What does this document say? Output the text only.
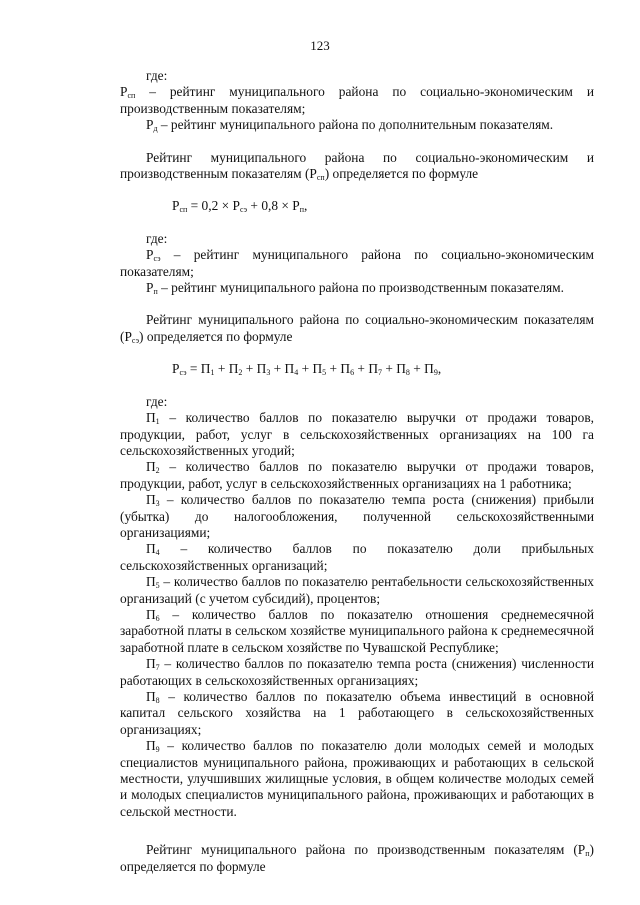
123

где:

$Р_{сп}$ – рейтинг муниципального района по социально-экономическим и производственным показателям;

$Р_д$ – рейтинг муниципального района по дополнительным показателям.

Рейтинг муниципального района по социально-экономическим и производственным показателям $(Р_{сп})$ определяется по формуле

$Р_{сп} = 0,2 \times Р_{сэ} + 0,8 \times Р_п$,

где:

$Р_{сэ}$ – рейтинг муниципального района по социально-экономическим показателям;

$Р_п$ – рейтинг муниципального района по производственным показателям.

Рейтинг муниципального района по социально-экономическим показателям $(Р_{сэ})$ определяется по формуле

$Р_{сэ} = П_1 + П_2 + П_3 + П_4 + П_5 + П_6 + П_7 + П_8 + П_9$,

где:

$П_1$ – количество баллов по показателю выручки от продажи товаров, продукции, работ, услуг в сельскохозяйственных организациях на 100 га сельскохозяйственных угодий;

$П_2$ – количество баллов по показателю выручки от продажи товаров, продукции, работ, услуг в сельскохозяйственных организациях на 1 работника;

$П_3$ – количество баллов по показателю темпа роста (снижения) прибыли (убытка) до налогообложения, полученной сельскохозяйственными организациями;

$П_4$ – количество баллов по показателю доли прибыльных сельскохозяйственных организаций;

$П_5$ – количество баллов по показателю рентабельности сельскохозяйственных организаций (с учетом субсидий), процентов;

$П_6$ – количество баллов по показателю отношения среднемесячной заработной платы в сельском хозяйстве муниципального района к среднемесячной заработной плате в сельском хозяйстве по Чувашской Республике;

$П_7$ – количество баллов по показателю темпа роста (снижения) численности работающих в сельскохозяйственных организациях;

$П_8$ – количество баллов по показателю объема инвестиций в основной капитал сельского хозяйства на 1 работающего в сельскохозяйственных организациях;

$П_9$ – количество баллов по показателю доли молодых семей и молодых специалистов муниципального района, проживающих и работающих в сельской местности, улучшивших жилищные условия, в общем количестве молодых семей и молодых специалистов муниципального района, проживающих и работающих в сельской местности.

Рейтинг муниципального района по производственным показателям $(Р_п)$ определяется по формуле
